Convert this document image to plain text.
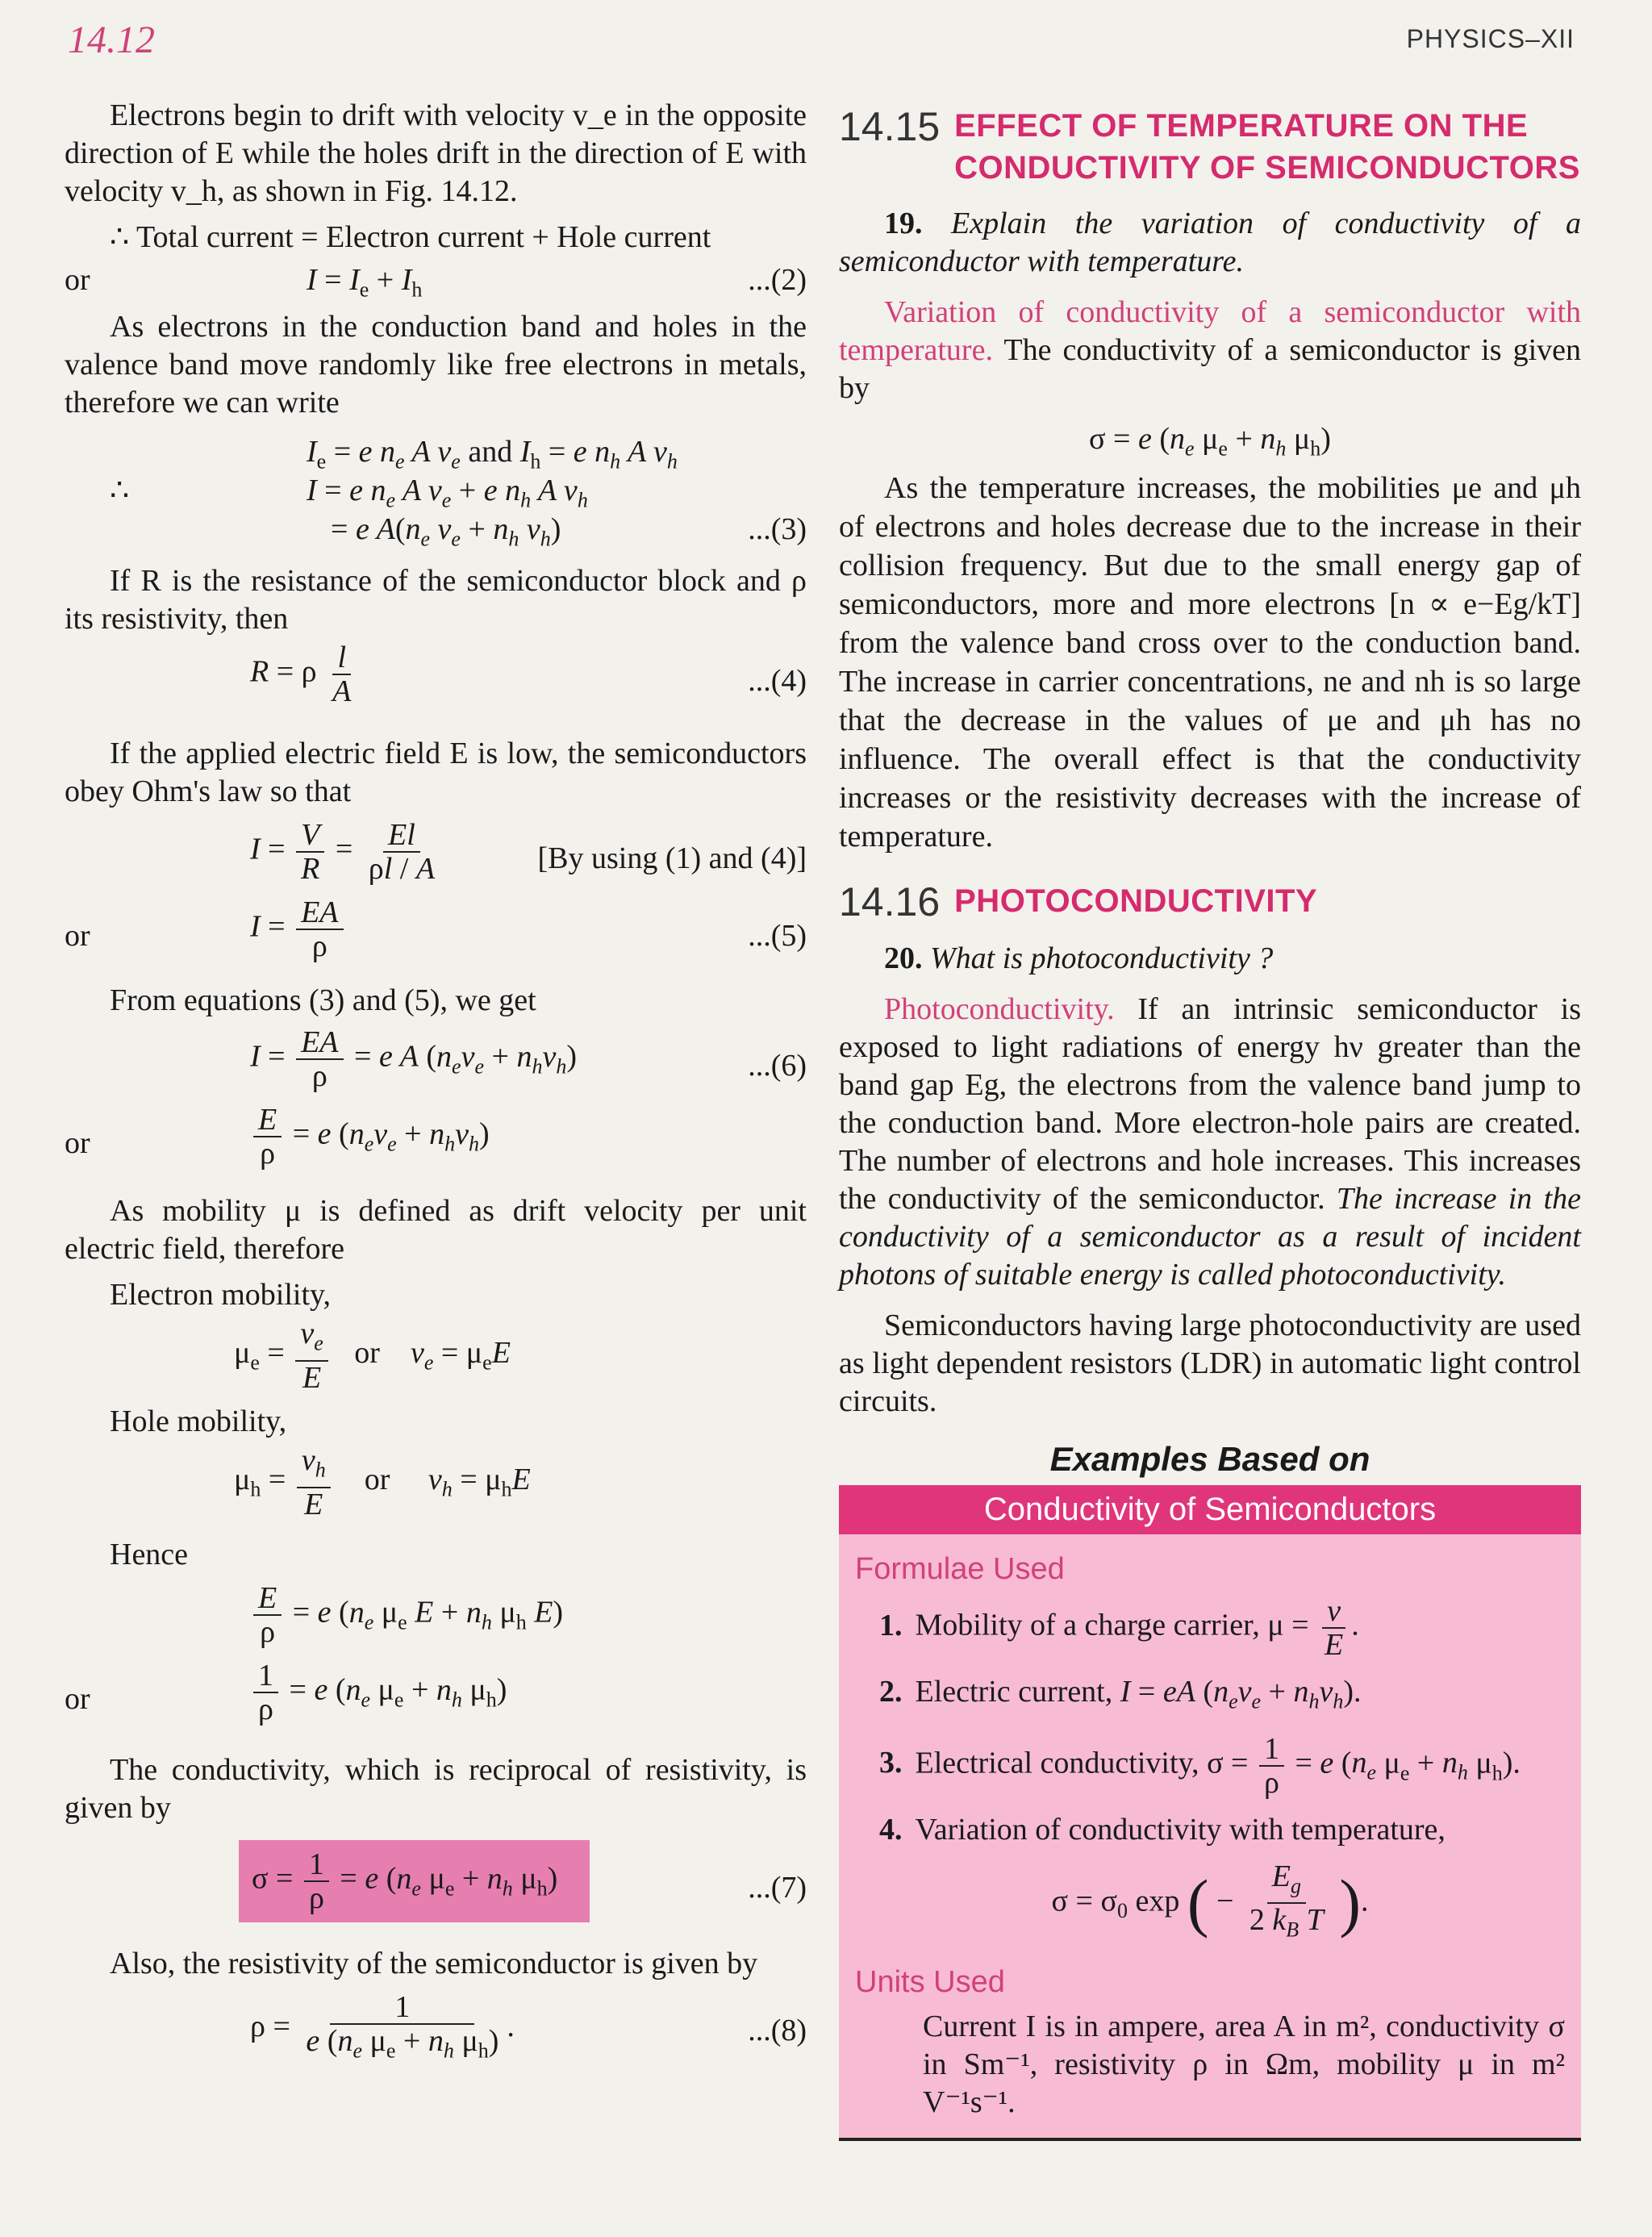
14.12	PHYSICS–XII

Electrons begin to drift with velocity v_e in the opposite direction of E while the holes drift in the direction of E with velocity v_h, as shown in Fig. 14.12.

∴ Total current = Electron current + Hole current

or	$I = I_e + I_h$	...(2)

As electrons in the conduction band and holes in the valence band move randomly like free electrons in metals, therefore we can write

$I_e = e$ $n_e$ A $v_e$ and $I_h = e$ $n_h$ A $v_h$
∴	I = e $n_e$ A $v_e + e$ $n_h$ A $v_h$
= e $A(n_e$ $v_e + n_h$ $v_h$)	...(3)

If R is the resistance of the semiconductor block and ρ its resistivity, then

R = ρ $\frac{l}{A}$	...(4)

If the applied electric field E is low, the semiconductors obey Ohm's law so that

$I = \frac{V}{R} = \frac{El}{\rho l / A}$	[By using (1) and (4)]
or	$I = \frac{EA}{\rho}$	...(5)

From equations (3) and (5), we get

$I = \frac{EA}{\rho} = e$ A $(n_ev_e + n_hv_h)$	...(6)
or	$\frac{E}{\rho} = e$ $(n_ev_e + n_hv_h)$

As mobility μ is defined as drift velocity per unit electric field, therefore

Electron mobility,

$\mu_e = \frac{v_e}{E}$ or    $v_e = \mu_eE$

Hole mobility,

$\mu_h = \frac{v_h}{E}$ or     $v_h = \mu_hE$

Hence

$\frac{E}{\rho} = e$ ($n_e$ $\mu_e$ $E + n_h$ $\mu_h$ E)
or	$\frac{1}{\rho} = e$ ($n_e$ $\mu_e + n_h$ $\mu_h$)

The conductivity, which is reciprocal of resistivity, is given by

$\sigma = \frac{1}{\rho} = e$ ($n_e$ $\mu_e + n_h$ $\mu_h$)	...(7)

Also, the resistivity of the semiconductor is given by

$\rho = \frac{1}{e (n_e \mu_e + n_h \mu_h)}$ .	...(8)
14.15 EFFECT OF TEMPERATURE ON THE CONDUCTIVITY OF SEMICONDUCTORS

19. Explain the variation of conductivity of a semiconductor with temperature.

Variation of conductivity of a semiconductor with temperature. The conductivity of a semiconductor is given by

σ = e ($n_e$ $\mu_e + n_h$ $\mu_h$)

As the temperature increases, the mobilities μe and μh of electrons and holes decrease due to the increase in their collision frequency. But due to the small energy gap of semiconductors, more and more electrons [n ∝ e−Eg/kT] from the valence band cross over to the conduction band. The increase in carrier concentrations, ne and nh is so large that the decrease in the values of μe and μh has no influence. The overall effect is that the conductivity increases or the resistivity decreases with the increase of temperature.

14.16 PHOTOCONDUCTIVITY

20. What is photoconductivity ?

Photoconductivity. If an intrinsic semiconductor is exposed to light radiations of energy hν greater than the band gap Eg, the electrons from the valence band jump to the conduction band. More electron-hole pairs are created. The number of electrons and hole increases. This increases the conductivity of the semiconductor. The increase in the conductivity of a semiconductor as a result of incident photons of suitable energy is called photoconductivity.

Semiconductors having large photoconductivity are used as light dependent resistors (LDR) in automatic light control circuits.

Examples Based on
Conductivity of Semiconductors
Formulae Used
1. Mobility of a charge carrier, $\mu = \frac{v}{E}$ .
2. Electric current, I = eA $(n_ev_e + n_hv_h)$.
3. Electrical conductivity, $\sigma = \frac{1}{\rho} = e$ ($n_e$ $\mu_e + n_h$ $\mu_h$).
4. Variation of conductivity with temperature,
$\sigma = \sigma_0$ exp ( − $\frac{E_g}{2 k_B T}$ ).
Units Used

Current I is in ampere, area A in m², conductivity σ in Sm⁻¹, resistivity ρ in Ωm, mobility μ in m² V⁻¹s⁻¹.
